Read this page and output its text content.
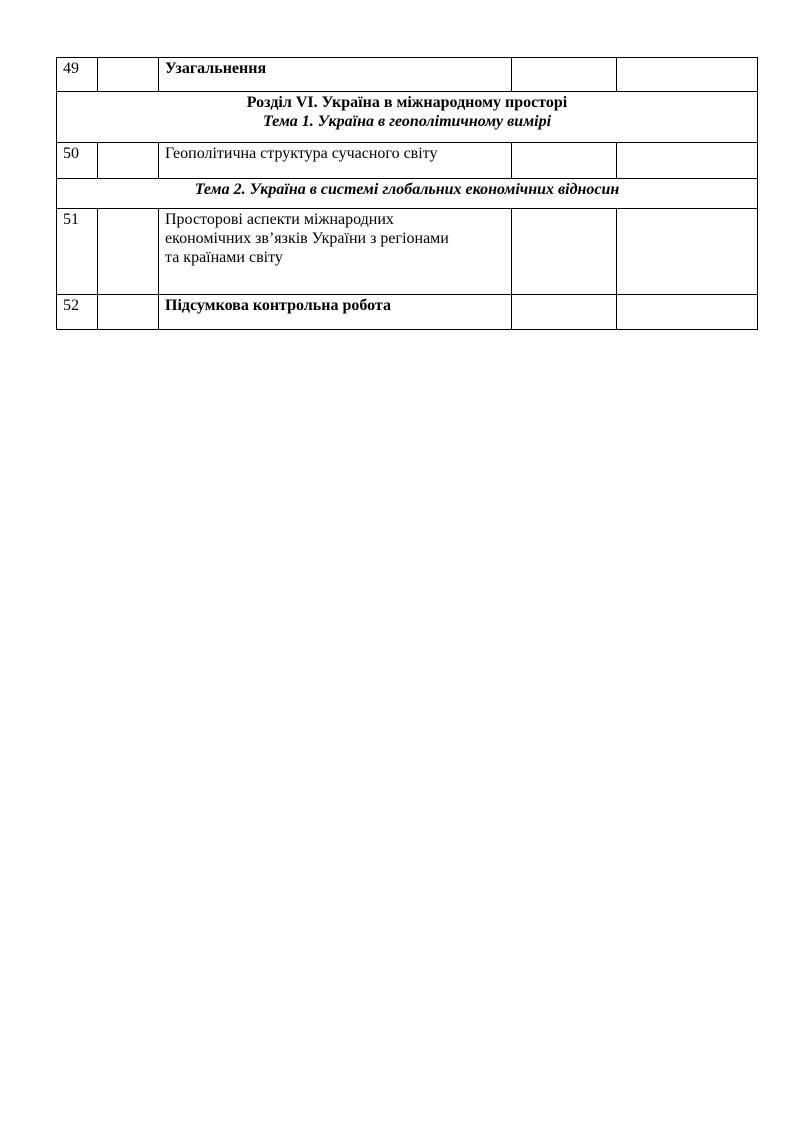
49		Узагальнення		

Розділ VI. Україна в міжнародному просторі
Тема 1. Україна в геополітичному вимірі				

50		Геополітична структура сучасного світу		
Тема 2. Україна в системі глобальних економічних відносин				
51		Просторові аспекти міжнародних
економічних зв’язків України з регіонами
та країнами світу		
52		Підсумкова контрольна робота		
